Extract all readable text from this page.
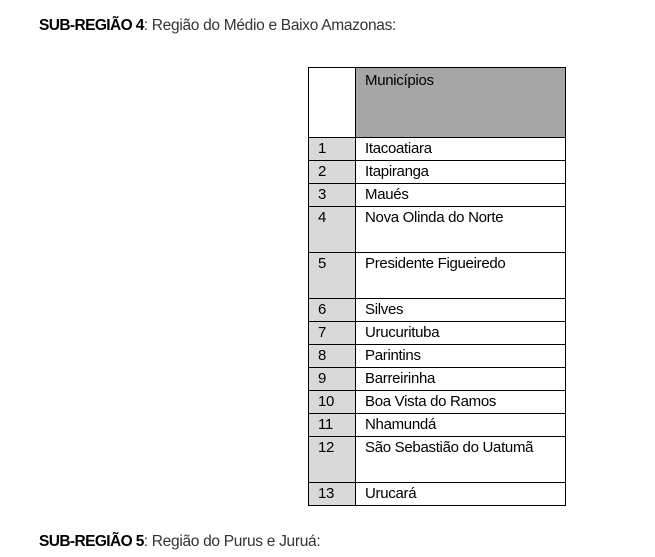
SUB-REGIÃO 4: Região do Médio e Baixo Amazonas:
	Municípios
1	Itacoatiara
2	Itapiranga
3	Maués
4	Nova Olinda do Norte
5	Presidente Figueiredo
6	Silves
7	Urucurituba
8	Parintins
9	Barreirinha
10	Boa Vista do Ramos
11	Nhamundá
12	São Sebastião do Uatumã
13	Urucará
SUB-REGIÃO 5: Região do Purus e Juruá:
